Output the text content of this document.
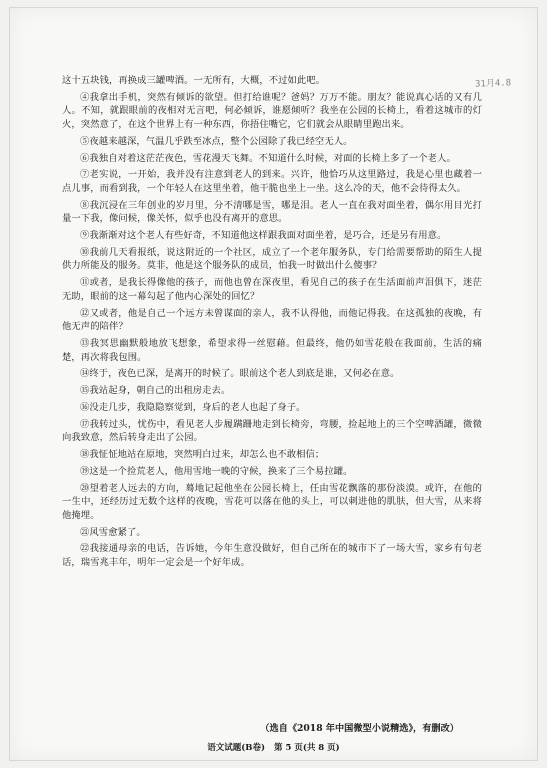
31月4.8

这十五块钱，再换成三罐啤酒。一无所有，大概，不过如此吧。

④我拿出手机，突然有倾诉的欲望。但打给谁呢？爸妈？万万不能。朋友？能说真心话的又有几人。不知，就跟眼前的夜相对无言吧，何必倾诉，谁愿倾听？我坐在公园的长椅上，看着这城市的灯火，突然意了，在这个世界上有一种东西，你捂住嘴它，它们就会从眼睛里跑出来。

⑤夜越来越深，气温几乎跌至冰点，整个公园除了我已经空无人。

⑥我独自对着这茫茫夜色，雪花漫天飞舞。不知道什么时候，对面的长椅上多了一个老人。

⑦老实说，一开始，我并没有注意到老人的到来。兴许，他恰巧从这里路过，我是心里也藏着一点儿事，而看到我，一个年轻人在这里坐着，他干脆也坐上一坐。这么冷的天，他不会待得太久。

⑧我沉浸在三年创业的岁月里，分不清哪是雪，哪是泪。老人一直在我对面坐着，偶尔用目光打量一下我，像问候，像关怀，似乎也没有离开的意思。

⑨我渐渐对这个老人有些好奇，不知道他这样跟我面对面坐着，是巧合，还是另有用意。

⑩我前几天看报纸，说这附近的一个社区，成立了一个老年服务队，专门给需要帮助的陌生人提供力所能及的服务。莫非，他是这个服务队的成员，怕我一时做出什么傻事？

⑪或者，是我长得像他的孩子，而他也曾在深夜里，看见自己的孩子在生活面前声泪俱下，迷茫无助，眼前的这一幕勾起了他内心深处的回忆？

⑫又或者，他是自己一个远方未曾谋面的亲人，我不认得他，而他记得我。在这孤独的夜晚，有他无声的陪伴？

⑬我冥思幽默般地放飞想象，希望求得一丝慰藉。但最终，他仍如雪花般在我面前，生活的痛楚，再次将我包围。

⑭终于，夜色已深，是离开的时候了。眼前这个老人到底是谁，又何必在意。

⑮我站起身，朝自己的出租房走去。

⑯没走几步，我隐隐察觉到，身后的老人也起了身子。

⑰我转过头，忧伤中，看见老人步履蹒跚地走到长椅旁，弯腰，捡起地上的三个空啤酒罐，微微向我致意，然后转身走出了公园。

⑱我怔怔地站在原地，突然明白过来，却怎么也不敢相信；

⑲这是一个捡荒老人，他用雪地一晚的守候，换来了三个易拉罐。

⑳望着老人远去的方向，蓦地记起他坐在公园长椅上，任由雪花飘落的那份淡漠。或许，在他的一生中，还经历过无数个这样的夜晚，雪花可以落在他的头上，可以刺进他的肌肤，但大雪，从来将他掩埋。

㉑风雪愈紧了。

㉒我接通母亲的电话，告诉她，今年生意没做好，但自己所在的城市下了一场大雪，家乡有句老话，瑞雪兆丰年，明年一定会是一个好年成。

（选自《2018 年中国微型小说精选》，有删改）
语文试题(B卷) 第 5 页(共 8 页)
